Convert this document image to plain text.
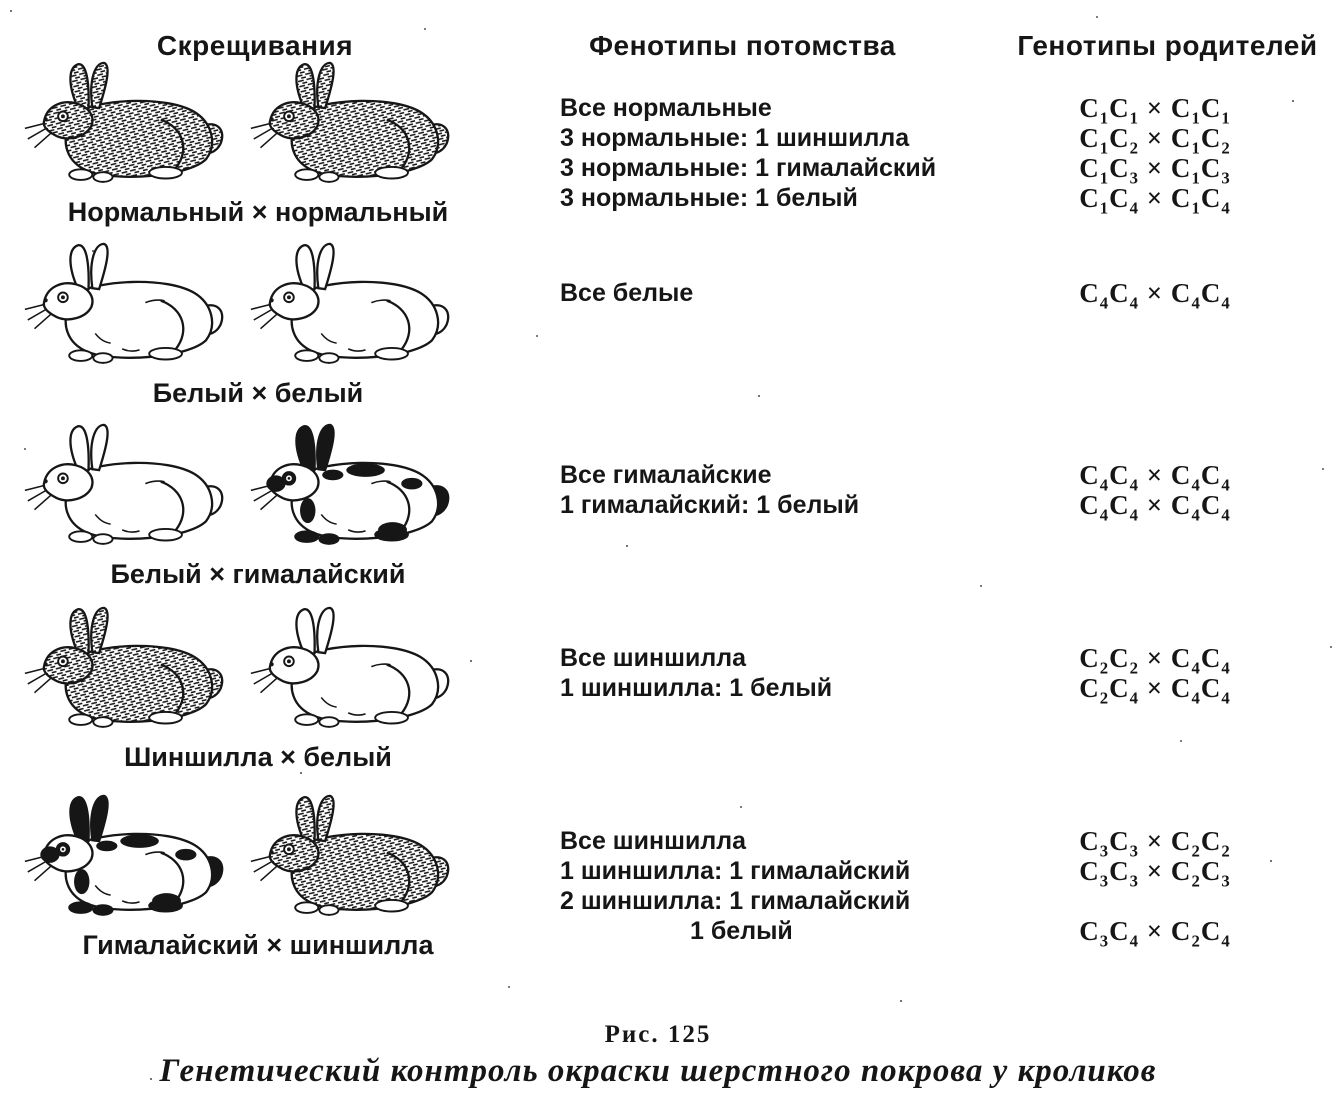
Скрещивания	Фенотипы потомства	Генотипы родителей
Нормальный × нормальный
Белый × белый
Белый × гималайский
Шиншилла × белый
Гималайский × шиншилла
Все нормальные
3 нормальные: 1 шиншилла
3 нормальные: 1 гималайский
3 нормальные: 1 белый
Все белые
Все гималайские
1 гималайский: 1 белый
Все шиншилла
1 шиншилла: 1 белый
Все шиншилла
1 шиншилла: 1 гималайский
2 шиншилла: 1 гималайский
1 белый
$C_1C_1 \times C_1C_1$
$C_1C_2 \times C_1C_2$
$C_1C_3 \times C_1C_3$
$C_1C_4 \times C_1C_4$
$C_4C_4 \times C_4C_4$
$C_4C_4 \times C_4C_4$
$C_4C_4 \times C_4C_4$
$C_2C_2 \times C_4C_4$
$C_2C_4 \times C_4C_4$
$C_3C_3 \times C_2C_2$
$C_3C_3 \times C_2C_3$
$C_3C_4 \times C_2C_4$
Рис. 125
Генетический контроль окраски шерстного покрова у кроликов
